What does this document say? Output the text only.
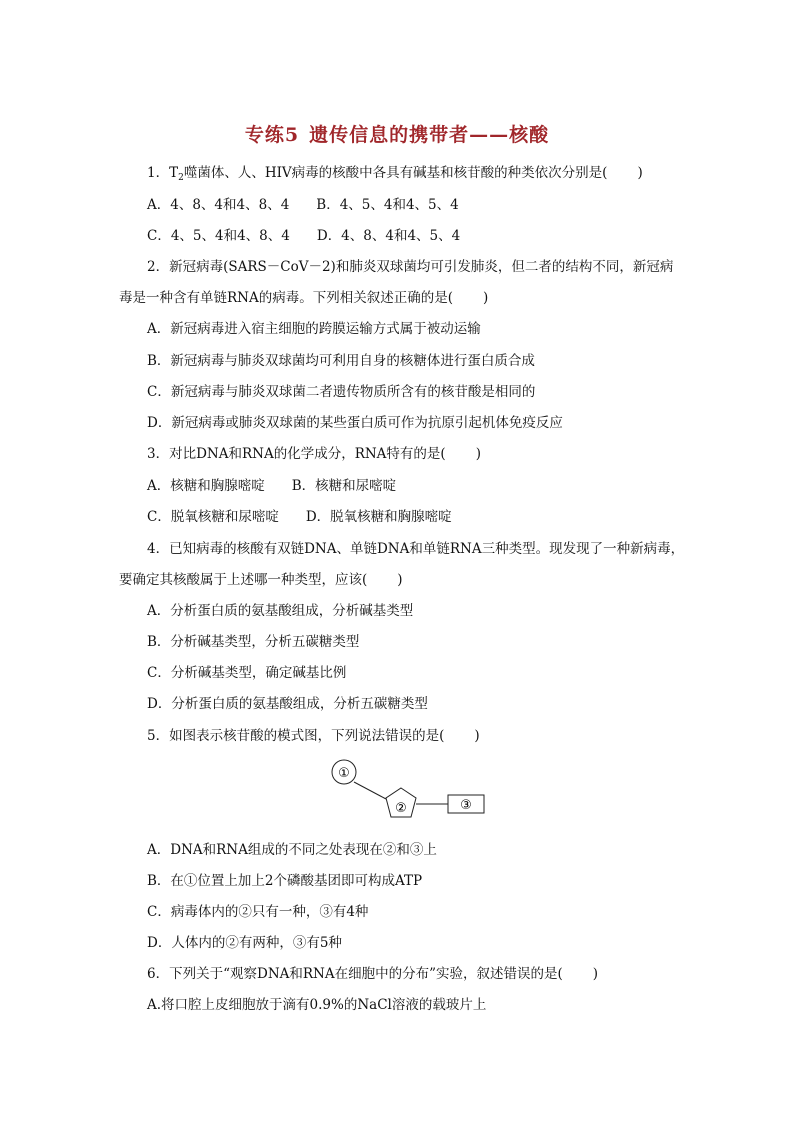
专练5 遗传信息的携带者——核酸
1．$T_2$噬菌体、人、HIV病毒的核酸中各具有碱基和核苷酸的种类依次分别是( )
A．4、8、4和4、8、4　　B．4、5、4和4、5、4
C．4、5、4和4、8、4　　D．4、8、4和4、5、4
2．新冠病毒(SARS－CoV－2)和肺炎双球菌均可引发肺炎，但二者的结构不同，新冠病
毒是一种含有单链RNA的病毒。下列相关叙述正确的是( )
A．新冠病毒进入宿主细胞的跨膜运输方式属于被动运输
B．新冠病毒与肺炎双球菌均可利用自身的核糖体进行蛋白质合成
C．新冠病毒与肺炎双球菌二者遗传物质所含有的核苷酸是相同的
D．新冠病毒或肺炎双球菌的某些蛋白质可作为抗原引起机体免疫反应
3．对比DNA和RNA的化学成分，RNA特有的是( )
A．核糖和胸腺嘧啶　　B．核糖和尿嘧啶
C．脱氧核糖和尿嘧啶　　D．脱氧核糖和胸腺嘧啶
4．已知病毒的核酸有双链DNA、单链DNA和单链RNA三种类型。现发现了一种新病毒，
要确定其核酸属于上述哪一种类型，应该( )
A．分析蛋白质的氨基酸组成，分析碱基类型
B．分析碱基类型，分析五碳糖类型
C．分析碱基类型，确定碱基比例
D．分析蛋白质的氨基酸组成，分析五碳糖类型
5．如图表示核苷酸的模式图，下列说法错误的是( )
①
②	③
A．DNA和RNA组成的不同之处表现在②和③上
B．在①位置上加上2个磷酸基团即可构成ATP
C．病毒体内的②只有一种，③有4种
D．人体内的②有两种，③有5种
6．下列关于“观察DNA和RNA在细胞中的分布”实验，叙述错误的是( )
A.将口腔上皮细胞放于滴有0.9%的NaCl溶液的载玻片上
